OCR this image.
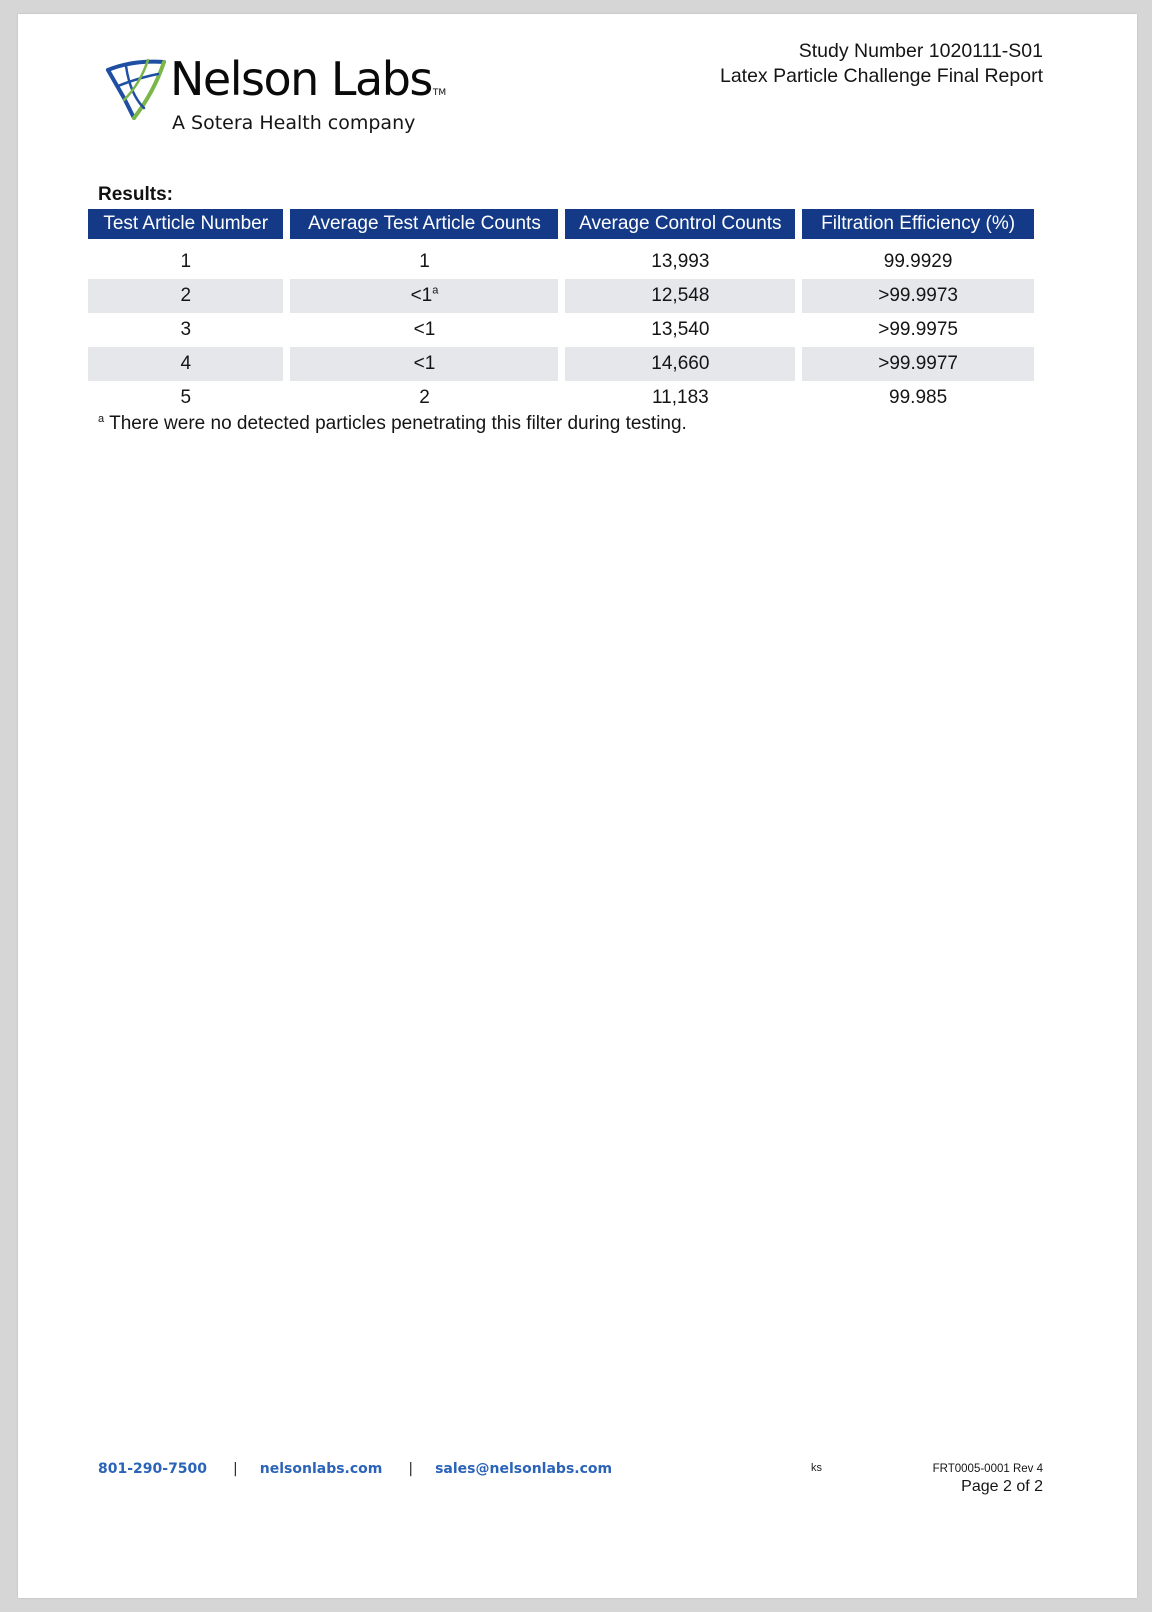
Nelson LabsTM
A Sotera Health company
Study Number 1020111-S01
Latex Particle Challenge Final Report
Results:
Test Article Number	Average Test Article Counts	Average Control Counts	Filtration Efficiency (%)
1	1	13,993	99.9929
2	<1$^a$	12,548	>99.9973
3	<1	13,540	>99.9975
4	<1	14,660	>99.9977
5	2	11,183	99.985
$^a$ There were no detected particles penetrating this filter during testing.
801-290-7500 | nelsonlabs.com | sales@nelsonlabs.com	ks	FRT0005-0001 Rev 4
Page 2 of 2
